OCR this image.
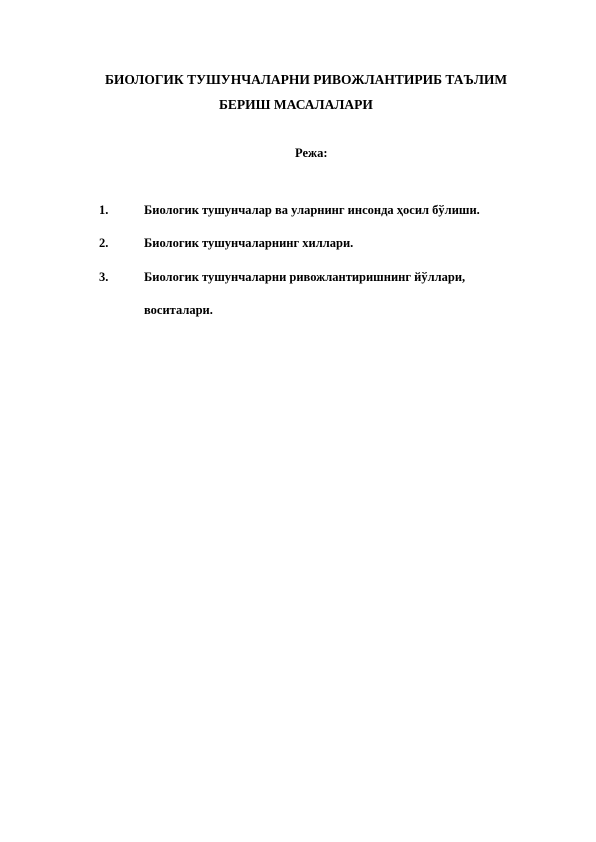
БИОЛОГИК ТУШУНЧАЛАРНИ РИВОЖЛАНТИРИБ ТАЪЛИМ
БЕРИШ МАСАЛАЛАРИ
Режа:
1.	Биологик тушунчалар ва уларнинг инсонда ҳосил бўлиши.
2.	Биологик тушунчаларнинг хиллари.
3.	Биологик тушунчаларни ривожлантиришнинг йўллари,
воситалари.
